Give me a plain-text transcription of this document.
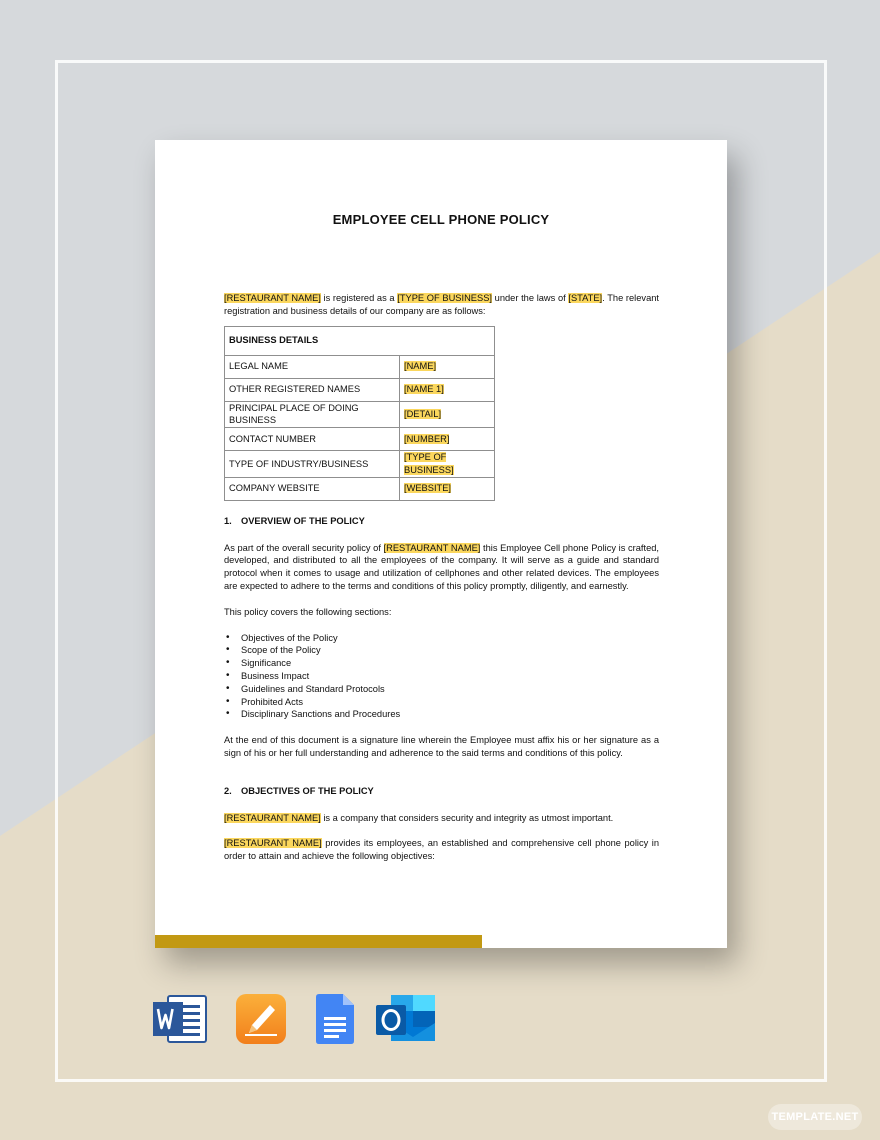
EMPLOYEE CELL PHONE POLICY

[RESTAURANT NAME] is registered as a [TYPE OF BUSINESS] under the laws of [STATE]. The relevant registration and business details of our company are as follows:

BUSINESS DETAILS	
LEGAL NAME	[NAME]
OTHER REGISTERED NAMES	[NAME 1]
PRINCIPAL PLACE OF DOING BUSINESS	[DETAIL]
CONTACT NUMBER	[NUMBER]
TYPE OF INDUSTRY/BUSINESS	[TYPE OF BUSINESS]
COMPANY WEBSITE	[WEBSITE]
1. OVERVIEW OF THE POLICY

As part of the overall security policy of [RESTAURANT NAME] this Employee Cell phone Policy is crafted, developed, and distributed to all the employees of the company. It will serve as a guide and standard protocol when it comes to usage and utilization of cellphones and other related devices. The employees are expected to adhere to the terms and conditions of this policy promptly, diligently, and earnestly.

This policy covers the following sections:

• Objectives of the Policy
• Scope of the Policy
• Significance
• Business Impact
• Guidelines and Standard Protocols
• Prohibited Acts
• Disciplinary Sanctions and Procedures

At the end of this document is a signature line wherein the Employee must affix his or her signature as a sign of his or her full understanding and adherence to the said terms and conditions of this policy.

2. OBJECTIVES OF THE POLICY

[RESTAURANT NAME] is a company that considers security and integrity as utmost important.

[RESTAURANT NAME] provides its employees, an established and comprehensive cell phone policy in order to attain and achieve the following objectives:

TEMPLATE.NET
